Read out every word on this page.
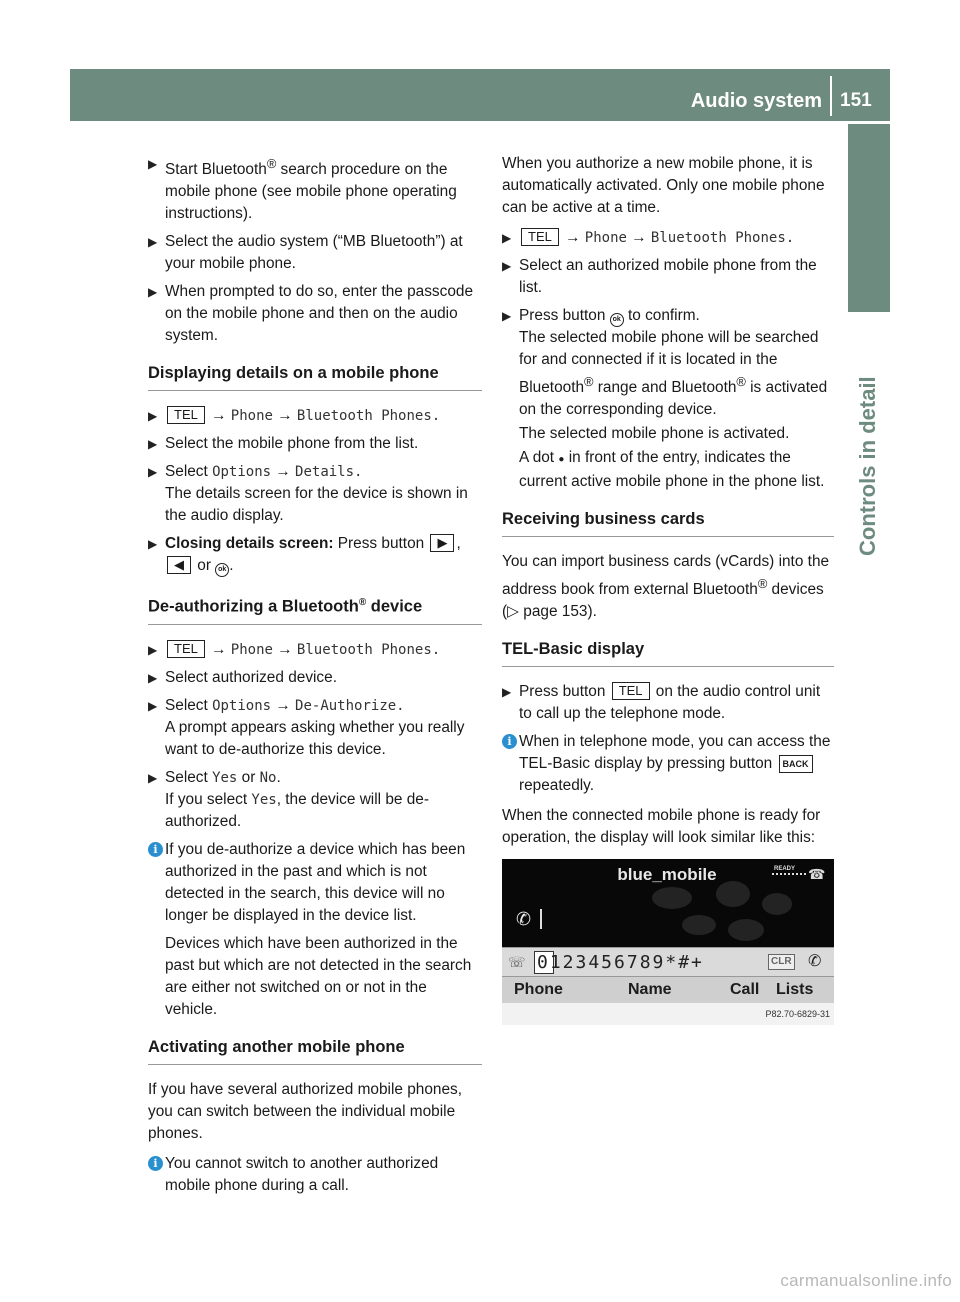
Audio system 151
Controls in detail
▶ Start Bluetooth® search procedure on the mobile phone (see mobile phone operating instructions).

▶ Select the audio system (“MB Bluetooth”) at your mobile phone.

▶ When prompted to do so, enter the passcode on the mobile phone and then on the audio system.

Displaying details on a mobile phone
▶	TEL → Phone → Bluetooth Phones.

▶ Select the mobile phone from the list.

▶ Select Options → Details.

The details screen for the device is shown in the audio display.

▶ Closing details screen: Press button ▶ , ◀ or ok .

De-authorizing a Bluetooth® device
▶	TEL → Phone → Bluetooth Phones.

▶ Select authorized device.

▶ Select Options → De-Authorize.

A prompt appears asking whether you really want to de-authorize this device.

▶ Select Yes or No.

If you select Yes, the device will be de-authorized.

i If you de-authorize a device which has been authorized in the past and which is not detected in the search, this device will no longer be displayed in the device list.

Devices which have been authorized in the past but which are not detected in the search are either not switched on or not in the vehicle.

Activating another mobile phone

If you have several authorized mobile phones, you can switch between the individual mobile phones.

i You cannot switch to another authorized mobile phone during a call.

When you authorize a new mobile phone, it is automatically activated. Only one mobile phone can be active at a time.

▶	TEL → Phone → Bluetooth Phones.

▶ Select an authorized mobile phone from the list.

▶ Press button ok to confirm.

The selected mobile phone will be searched for and connected if it is located in the Bluetooth® range and Bluetooth® is activated on the corresponding device.

The selected mobile phone is activated.

A dot ● in front of the entry, indicates the current active mobile phone in the phone list.

Receiving business cards

You can import business cards (vCards) into the address book from external Bluetooth® devices (▷ page 153).

TEL-Basic display
▶ Press button TEL on the audio control unit to call up the telephone mode.

i When in telephone mode, you can access the TEL-Basic display by pressing button BACK repeatedly.

When the connected mobile phone is ready for operation, the display will look similar like this:

blue_mobile	READY ☎
✆
☏ 0123456789*#+	CLR ✆
Phone	Name	Call Lists
P82.70-6829-31
carmanualsonline.info
